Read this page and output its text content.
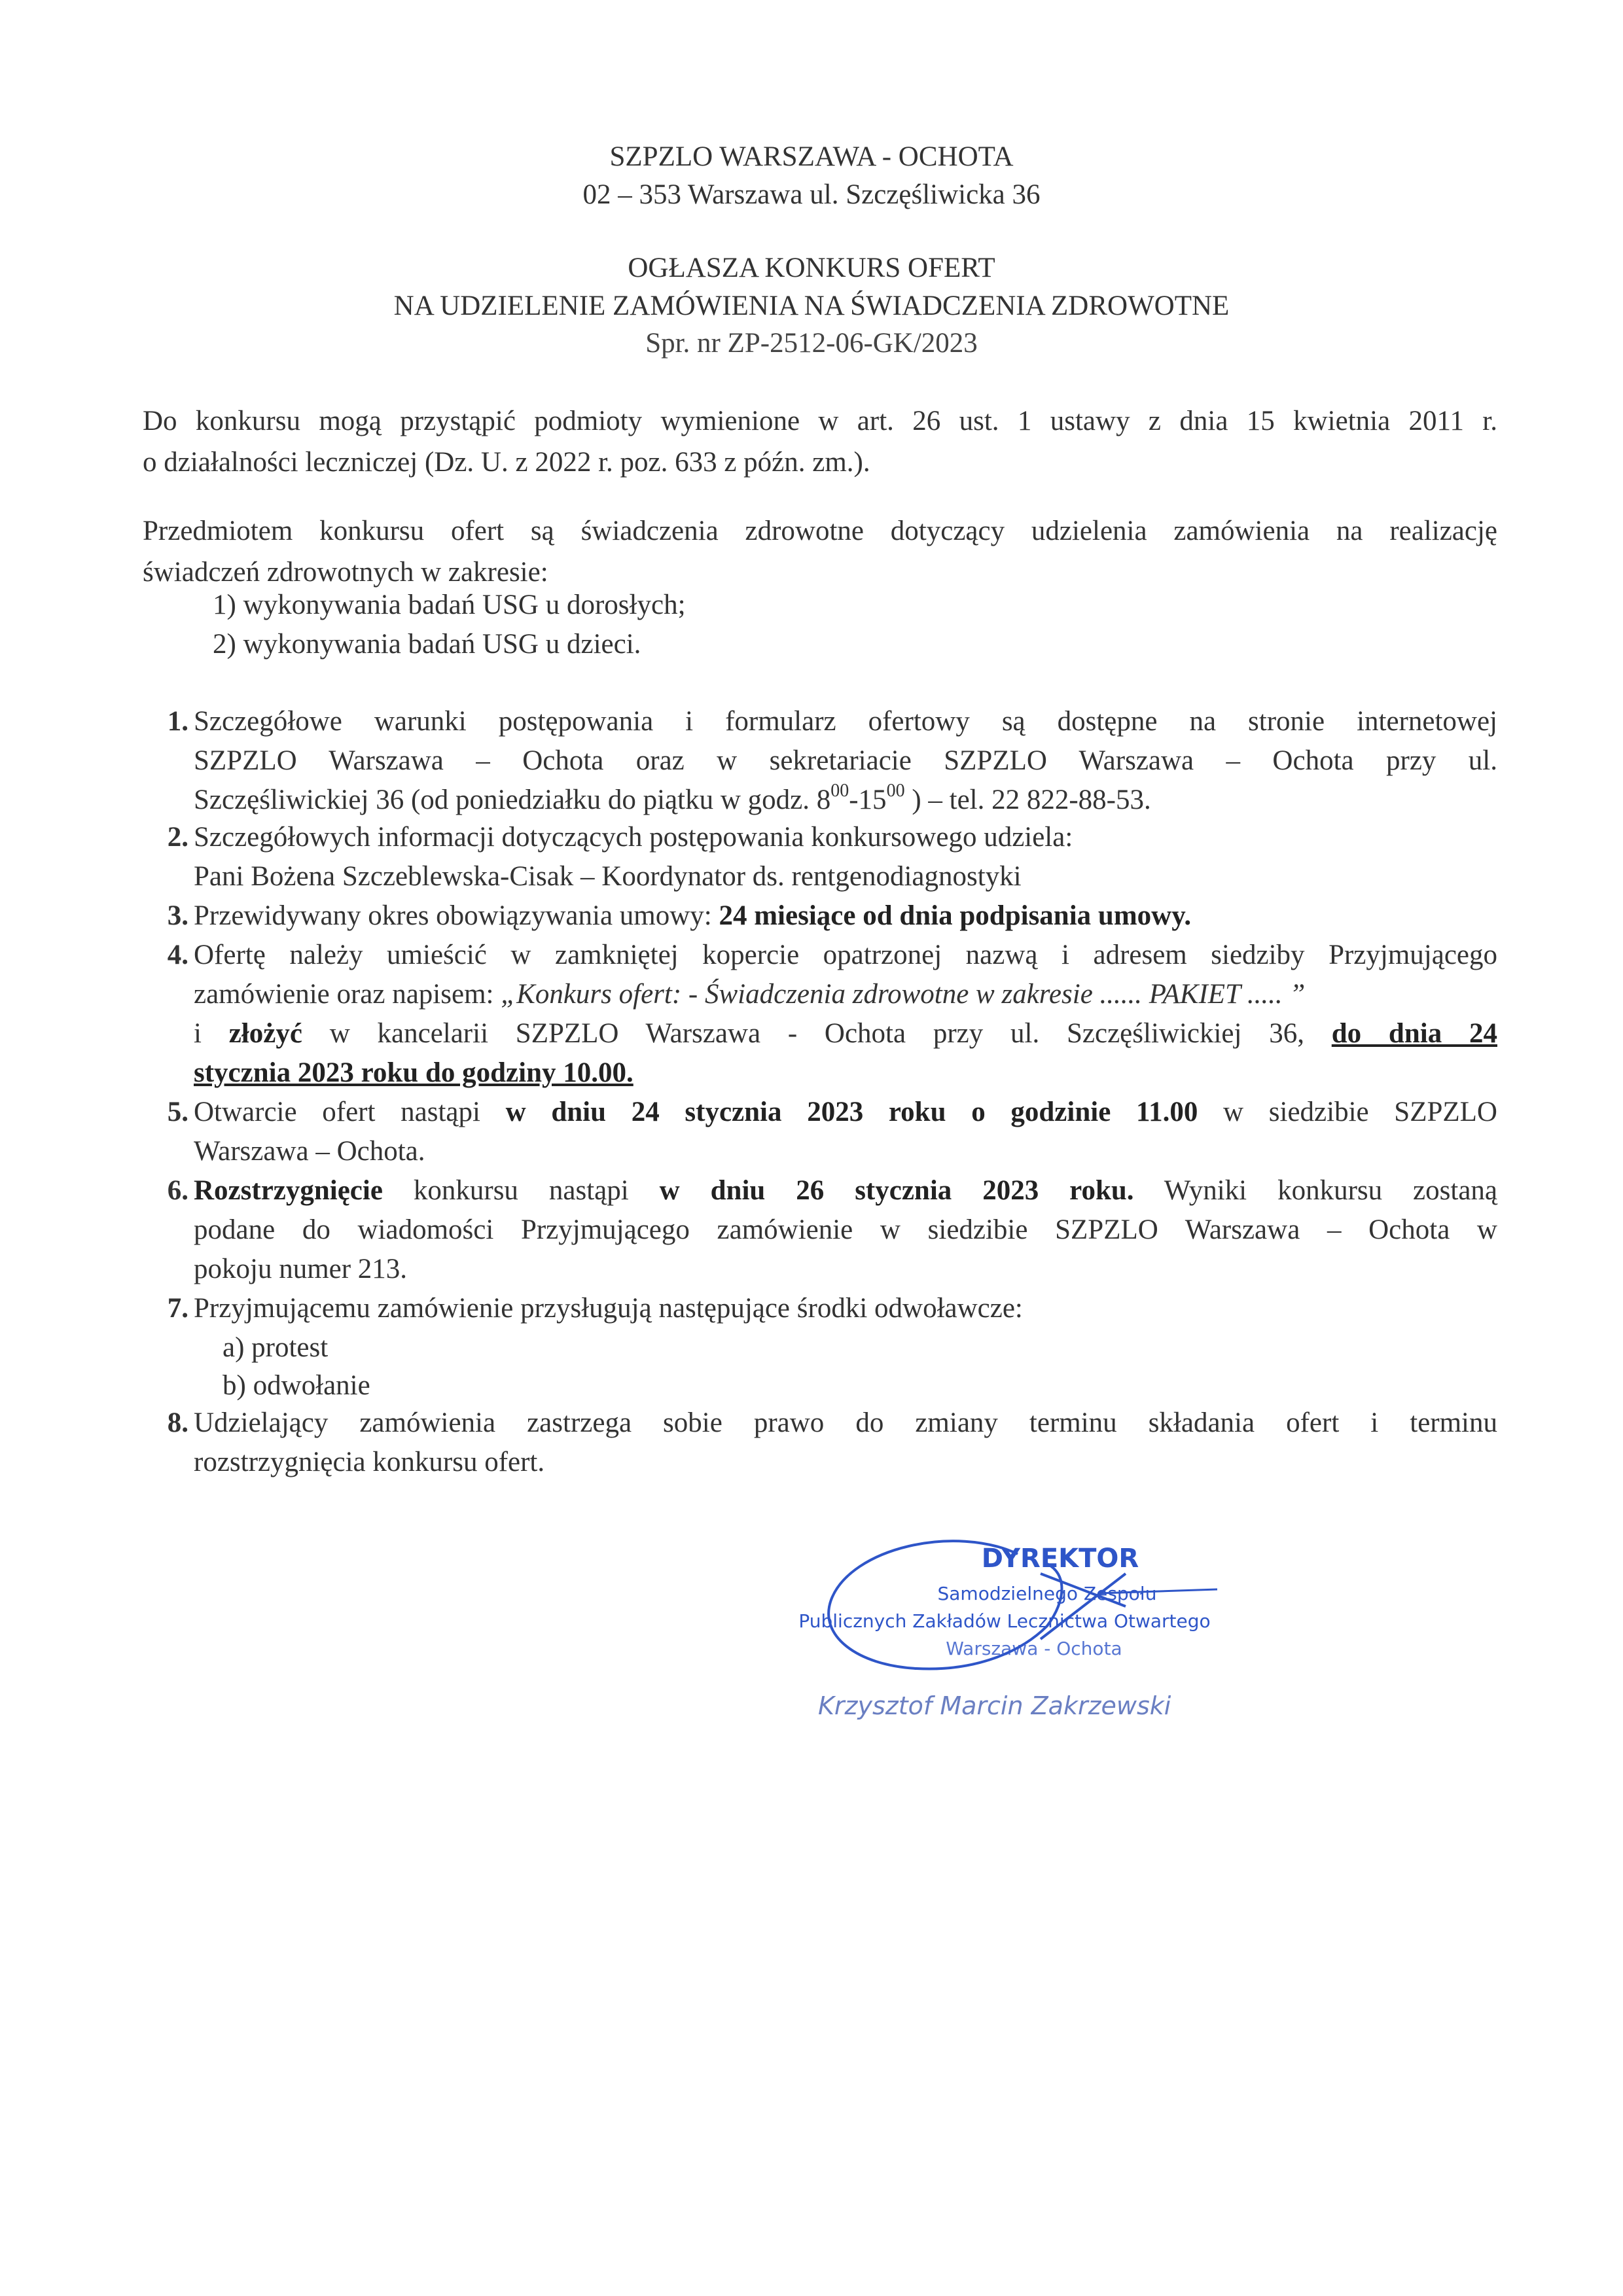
SZPZLO WARSZAWA - OCHOTA
02 – 353 Warszawa ul. Szczęśliwicka 36
OGŁASZA KONKURS OFERT
NA UDZIELENIE ZAMÓWIENIA NA ŚWIADCZENIA ZDROWOTNE
Spr. nr ZP-2512-06-GK/2023
Do konkursu mogą przystąpić podmioty wymienione w art. 26 ust. 1 ustawy z dnia 15 kwietnia 2011 r.
o działalności leczniczej (Dz. U. z 2022 r. poz. 633 z późn. zm.).
Przedmiotem konkursu ofert są świadczenia zdrowotne dotyczący udzielenia zamówienia na realizację
świadczeń zdrowotnych w zakresie:
1) wykonywania badań USG u dorosłych;
2) wykonywania badań USG u dzieci.
1. Szczegółowe warunki postępowania i formularz ofertowy są dostępne na stronie internetowej
SZPZLO Warszawa – Ochota oraz w sekretariacie SZPZLO Warszawa – Ochota przy ul.
Szczęśliwickiej 36 (od poniedziałku do piątku w godz. $8^{00}-15^{00}$ ) – tel. 22 822-88-53.
2. Szczegółowych informacji dotyczących postępowania konkursowego udziela:
Pani Bożena Szczeblewska-Cisak – Koordynator ds. rentgenodiagnostyki
3. Przewidywany okres obowiązywania umowy: 24 miesiące od dnia podpisania umowy.
4. Ofertę należy umieścić w zamkniętej kopercie opatrzonej nazwą i adresem siedziby Przyjmującego
zamówienie oraz napisem: „Konkurs ofert: - Świadczenia zdrowotne w zakresie ...... PAKIET ..... ”
i złożyć w kancelarii SZPZLO Warszawa - Ochota przy ul. Szczęśliwickiej 36, do dnia 24
stycznia 2023 roku do godziny 10.00.
5. Otwarcie ofert nastąpi w dniu 24 stycznia 2023 roku o godzinie 11.00 w siedzibie SZPZLO
Warszawa – Ochota.
6. Rozstrzygnięcie konkursu nastąpi w dniu 26 stycznia 2023 roku. Wyniki konkursu zostaną
podane do wiadomości Przyjmującego zamówienie w siedzibie SZPZLO Warszawa – Ochota w
pokoju numer 213.
7. Przyjmującemu zamówienie przysługują następujące środki odwoławcze:
a) protest
b) odwołanie
8. Udzielający zamówienia zastrzega sobie prawo do zmiany terminu składania ofert i terminu
rozstrzygnięcia konkursu ofert.
DYREKTOR
Samodzielnego Zespołu
Publicznych Zakładów Lecznictwa Otwartego
Warszawa - Ochota
Krzysztof Marcin Zakrzewski
